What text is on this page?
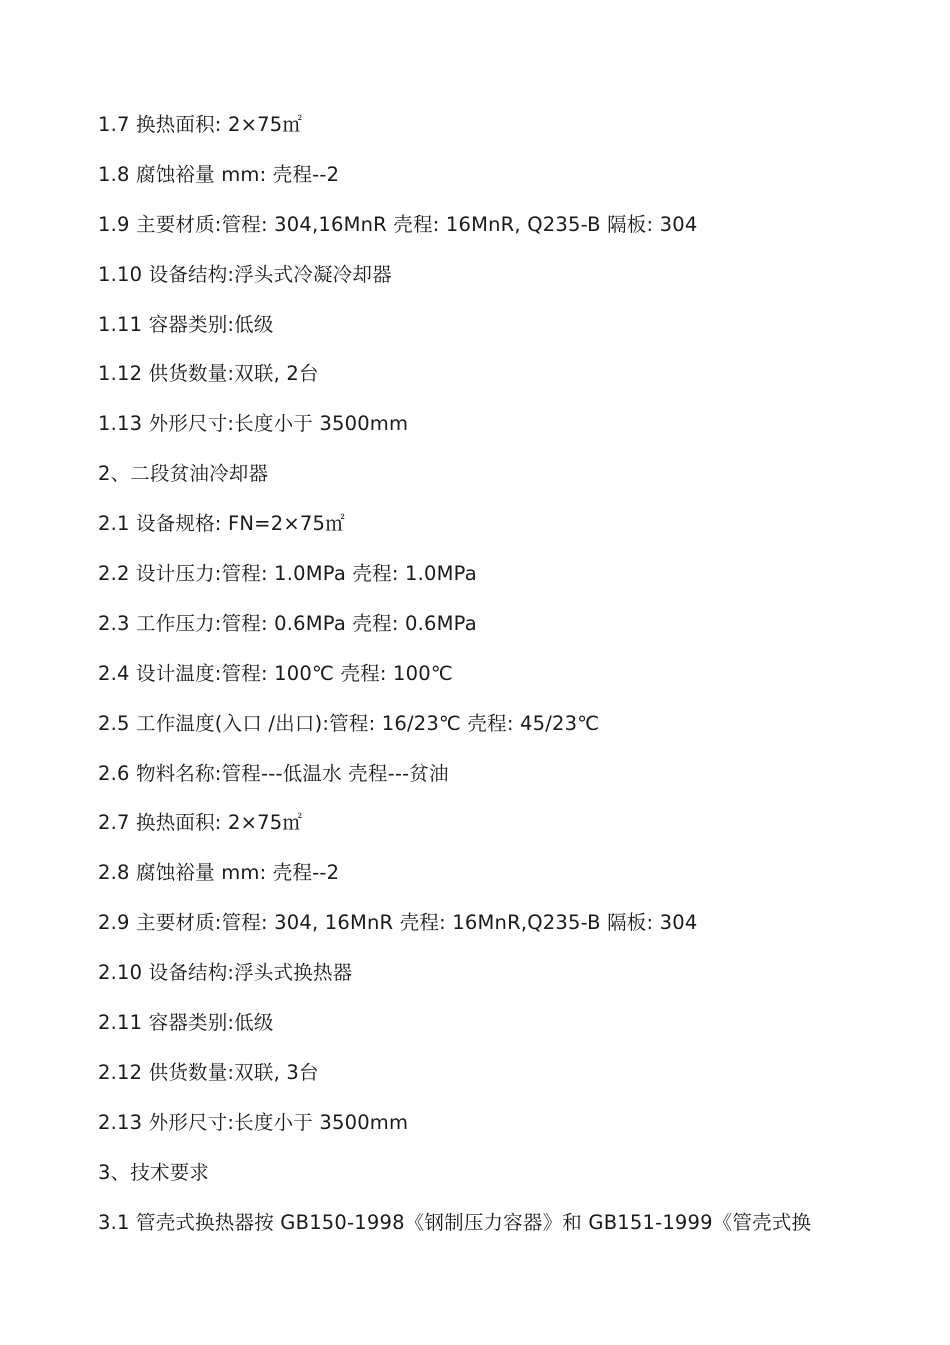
1.7 换热面积: 2×75㎡
1.8 腐蚀裕量 mm: 壳程--2
1.9 主要材质:管程: 304,16MnR 壳程: 16MnR, Q235-B 隔板: 304
1.10 设备结构:浮头式冷凝冷却器
1.11 容器类别:低级
1.12 供货数量:双联, 2台
1.13 外形尺寸:长度小于 3500mm
2、二段贫油冷却器
2.1 设备规格: FN=2×75㎡
2.2 设计压力:管程: 1.0MPa 壳程: 1.0MPa
2.3 工作压力:管程: 0.6MPa 壳程: 0.6MPa
2.4 设计温度:管程: 100℃ 壳程: 100℃
2.5 工作温度(入口 /出口):管程: 16/23℃ 壳程: 45/23℃
2.6 物料名称:管程---低温水 壳程---贫油
2.7 换热面积: 2×75㎡
2.8 腐蚀裕量 mm: 壳程--2
2.9 主要材质:管程: 304, 16MnR 壳程: 16MnR,Q235-B 隔板: 304
2.10 设备结构:浮头式换热器
2.11 容器类别:低级
2.12 供货数量:双联, 3台
2.13 外形尺寸:长度小于 3500mm
3、技术要求
3.1 管壳式换热器按 GB150-1998《钢制压力容器》和 GB151-1999《管壳式换
